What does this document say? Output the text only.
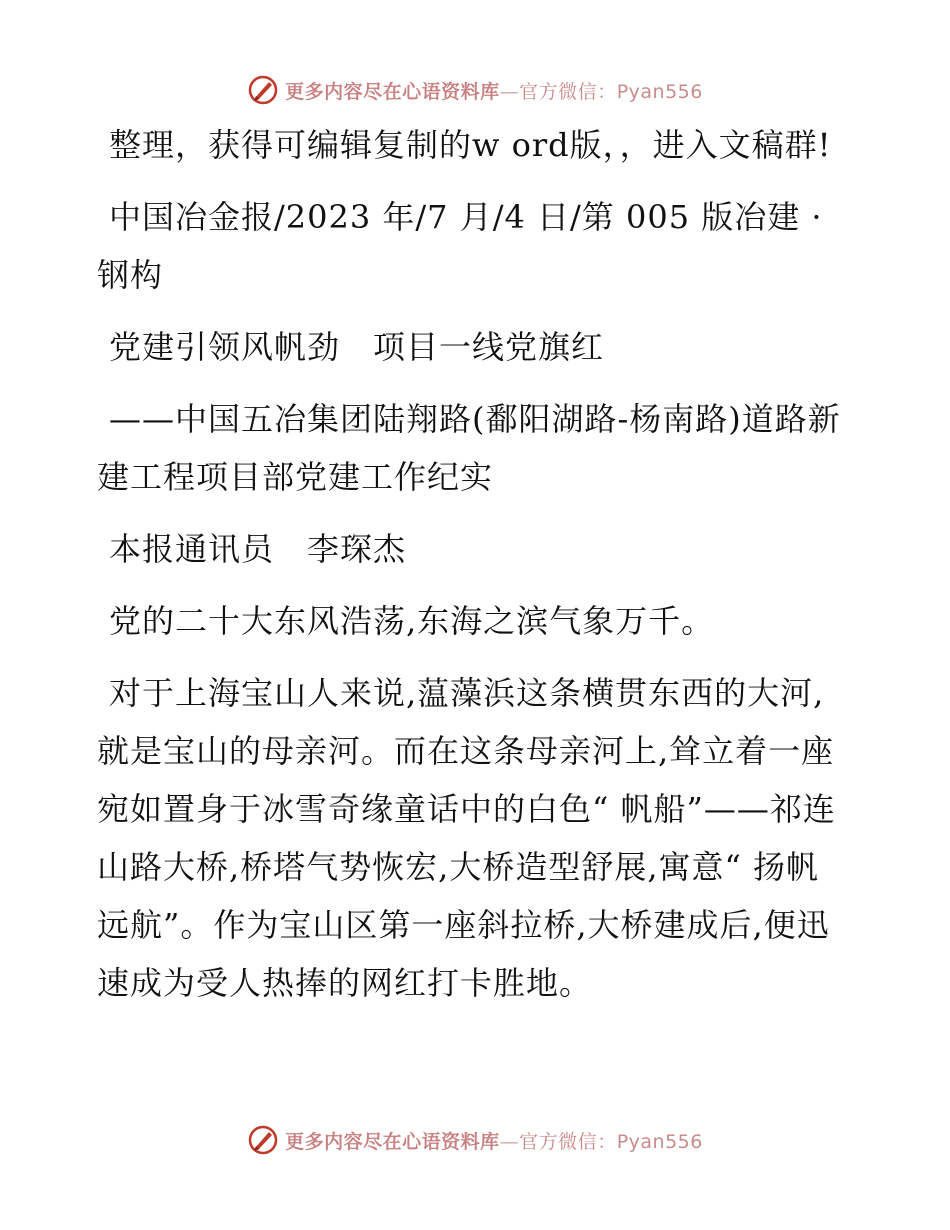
更多内容尽在心语资料库—官方微信：Pyan556

整理，获得可编辑复制的w ord版，，进入文稿群!

中国冶金报/2023 年/7 月/4 日/第 005 版冶建 · 钢构

党建引领风帆劲　项目一线党旗红

——中国五冶集团陆翔路(鄱阳湖路-杨南路)道路新建工程项目部党建工作纪实

本报通讯员　李琛杰

党的二十大东风浩荡,东海之滨气象万千。

对于上海宝山人来说,蕰藻浜这条横贯东西的大河,就是宝山的母亲河。而在这条母亲河上,耸立着一座宛如置身于冰雪奇缘童话中的白色“ 帆船”——祁连山路大桥,桥塔气势恢宏,大桥造型舒展,寓意“ 扬帆远航”。作为宝山区第一座斜拉桥,大桥建成后,便迅速成为受人热捧的网红打卡胜地。

更多内容尽在心语资料库—官方微信：Pyan556
